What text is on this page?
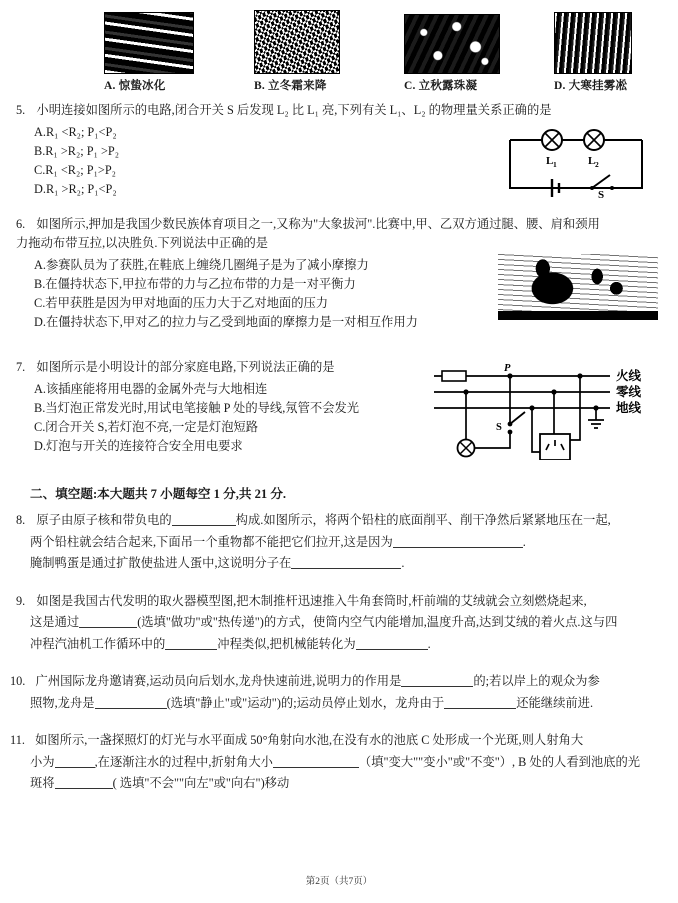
A. 惊蛰冰化	B. 立冬霜来降	C. 立秋露珠凝	D. 大寒挂雾凇
5. 小明连接如图所示的电路,闭合开关 S 后发现 L₂ 比 L₁ 亮,下列有关 L₁、L₂ 的物理量关系正确的是
A.R₁ <R₂; P₁<P₂
B.R₁ >R₂; P₁ >P₂
C.R₁ <R₂; P₁>P₂
D.R₁ >R₂; P₁<P₂
L 1	L 2
S
6. 如图所示,押加是我国少数民族体育项目之一,又称为"大象拔河".比赛中,甲、乙双方通过腿、腰、肩和颈用
力拖动布带互拉,以决胜负.下列说法中正确的是
A.参赛队员为了获胜,在鞋底上缠绕几圈绳子是为了减小摩擦力
B.在僵持状态下,甲拉布带的力与乙拉布带的力是一对平衡力
C.若甲获胜是因为甲对地面的压力大于乙对地面的压力
D.在僵持状态下,甲对乙的拉力与乙受到地面的摩擦力是一对相互作用力
7. 如图所示是小明设计的部分家庭电路,下列说法正确的是
A.该插座能将用电器的金属外壳与大地相连
B.当灯泡正常发光时,用试电笔接触 P 处的导线,氖管不会发光
C.闭合开关 S,若灯泡不亮,一定是灯泡短路
D.灯泡与开关的连接符合安全用电要求
P
S
火线
零线
地线
二、填空题:本大题共 7 小题每空 1 分,共 21 分.
8. 原子由原子核和带负电的	构成.如图所示，将两个铅柱的底面削平、削干净然后紧紧地压在一起,
两个铅柱就会结合起来,下面吊一个重物都不能把它们拉开,这是因为	.
腌制鸭蛋是通过扩散使盐进人蛋中,这说明分子在	.
9. 如图是我国古代发明的取火器模型图,把木制推杆迅速推入牛角套筒时,杆前端的艾绒就会立刻燃烧起来,
这是通过	(选填"做功"或"热传递")的方式，使筒内空气内能增加,温度升高,达到艾绒的着火点.这与四
冲程汽油机工作循环中的	冲程类似,把机械能转化为	.
10. 广州国际龙舟邀请赛,运动员向后划水,龙舟快速前进,说明力的作用是	的;若以岸上的观众为参
照物,龙舟是	(选填"静止"或"运动")的;运动员停止划水，龙舟由于	还能继续前进.
11. 如图所示,一盏探照灯的灯光与水平面成 50°角射向水池,在没有水的池底 C 处形成一个光斑,则人射角大
小为	,在逐渐注水的过程中,折射角大小	（填"变大""变小"或"不变"）, B 处的人看到池底的光
斑将	( 选填"不会""向左"或"向右")移动
第2页（共7页）
